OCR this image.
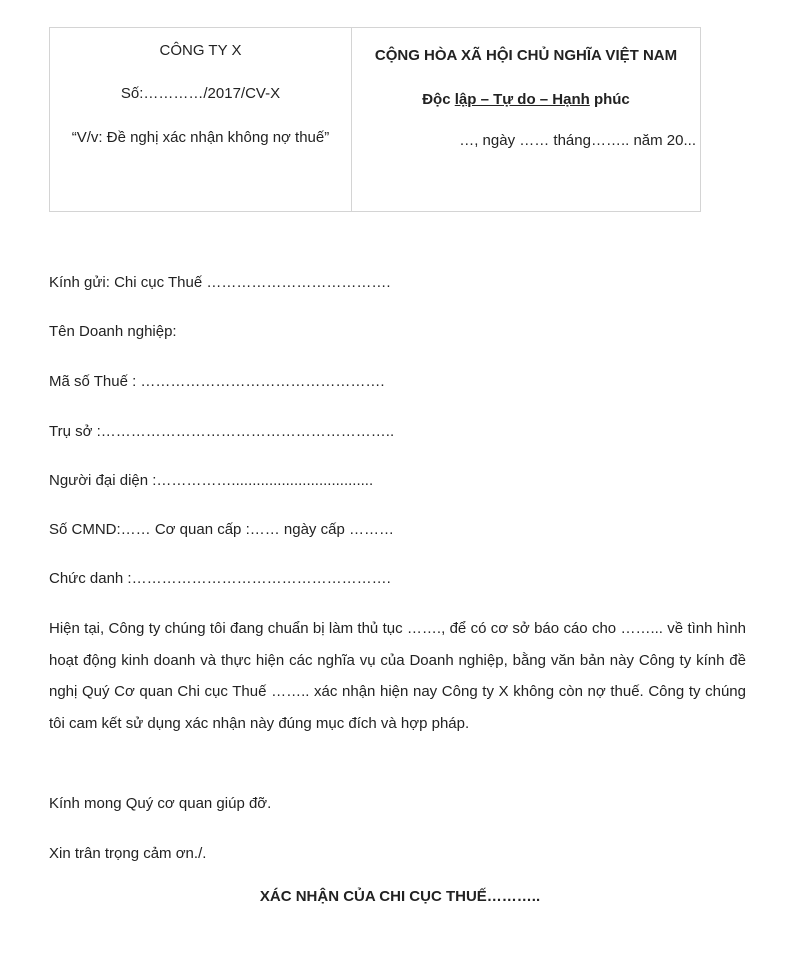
CÔNG TY X
Số:…………/2017/CV-X
“V/v: Đề nghị xác nhận không nợ thuế”
CỘNG HÒA XÃ HỘI CHỦ NGHĨA VIỆT NAM
Độc lập – Tự do – Hạnh phúc
…, ngày …… tháng…….. năm 20...

Kính gửi: Chi cục Thuế ……………………………….

Tên Doanh nghiệp:

Mã số Thuế : ………………………………………….

Trụ sở :…………………………………………………..

Người đại diện :……………..................................

Số CMND:…… Cơ quan cấp :…… ngày cấp ………

Chức danh :…………………………………………….

Hiện tại, Công ty chúng tôi đang chuẩn bị làm thủ tục ……., để có cơ sở báo cáo cho ……... về tình hình hoạt động kinh doanh và thực hiện các nghĩa vụ của Doanh nghiệp, bằng văn bản này Công ty kính đề nghị Quý Cơ quan Chi cục Thuế …….. xác nhận hiện nay Công ty X không còn nợ thuế. Công ty chúng tôi cam kết sử dụng xác nhận này đúng mục đích và hợp pháp.

Kính mong Quý cơ quan giúp đỡ.

Xin trân trọng cảm ơn./.

XÁC NHẬN CỦA CHI CỤC THUẾ………..
